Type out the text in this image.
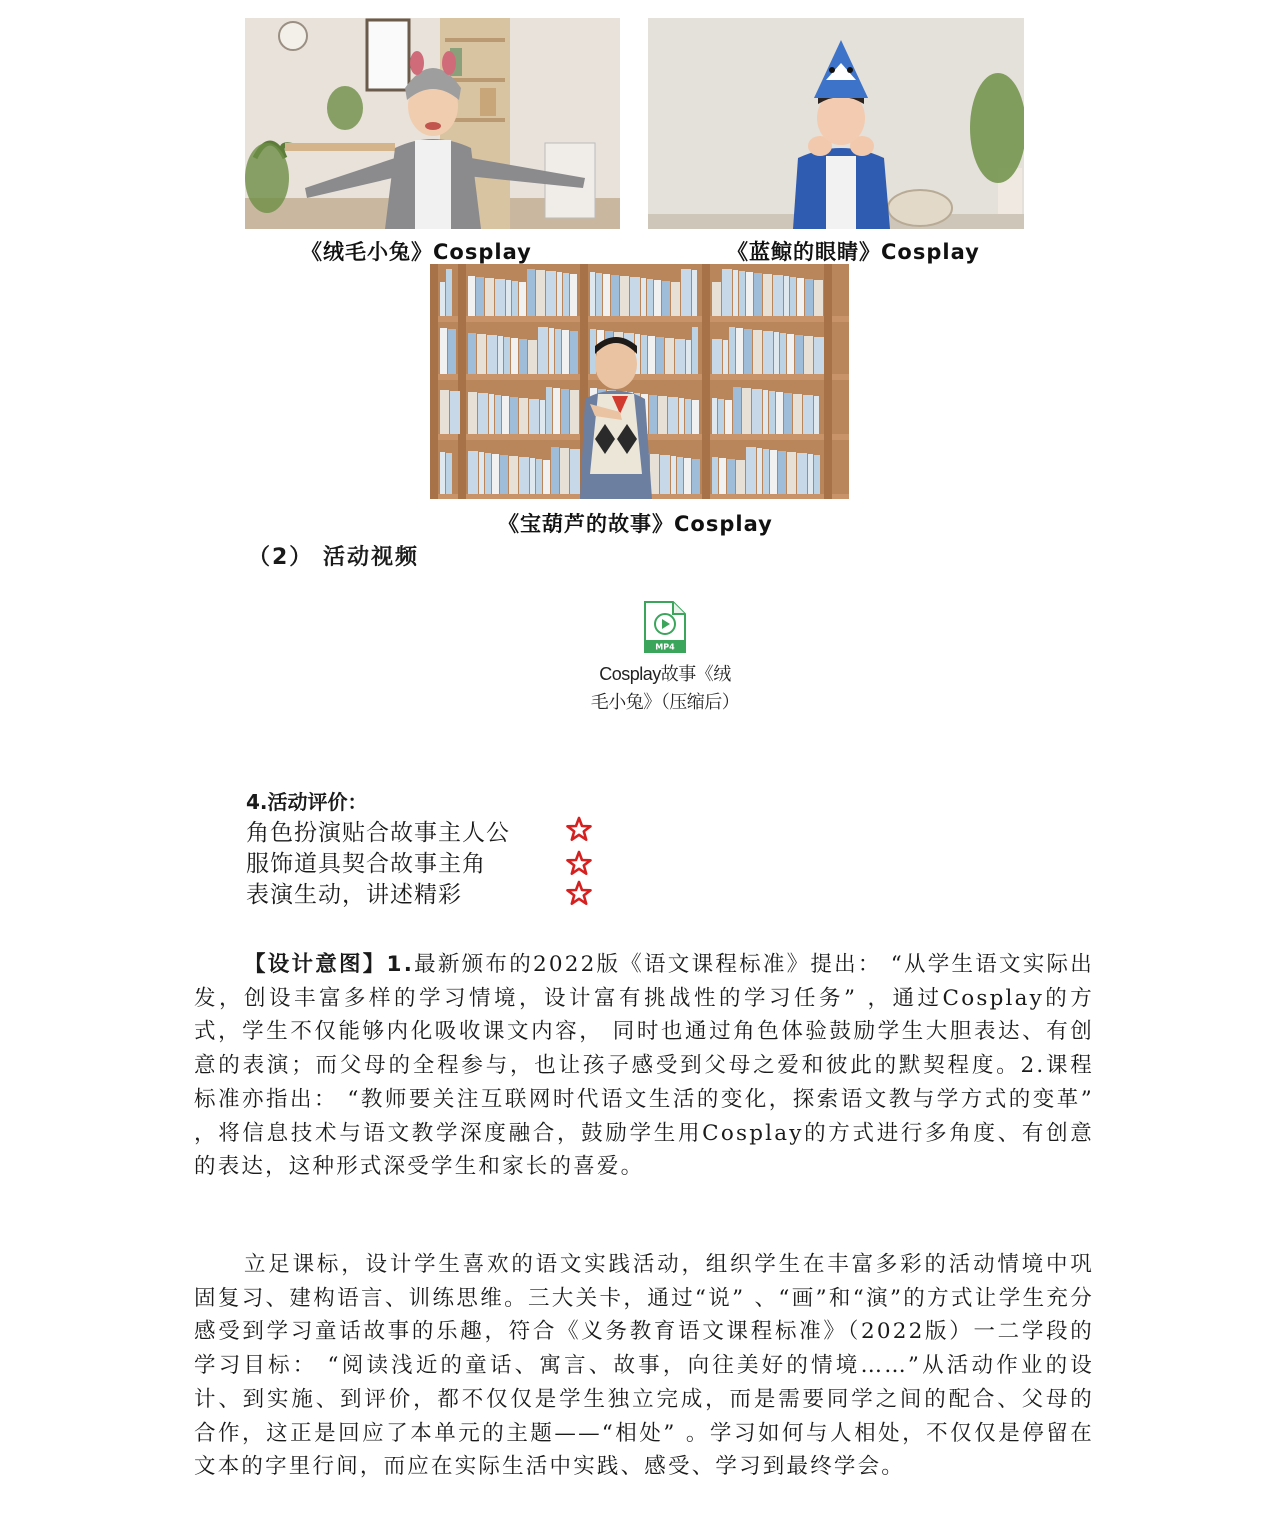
《绒毛小兔》Cosplay	《蓝鲸的眼睛》Cosplay
《宝葫芦的故事》Cosplay
（2） 活动视频
MP4
Cosplay故事《绒
毛小兔》（压缩后）
4.活动评价：
角色扮演贴合故事主人公
服饰道具契合故事主角
表演生动，讲述精彩
【设计意图】1.最新颁布的2022版《语文课程标准》提出： “从学生语文实际出发，创设丰富多样的学习情境，设计富有挑战性的学习任务” ，通过Cosplay的方式，学生不仅能够内化吸收课文内容， 同时也通过角色体验鼓励学生大胆表达、有创意的表演；而父母的全程参与，也让孩子感受到父母之爱和彼此的默契程度。2.课程标准亦指出： “教师要关注互联网时代语文生活的变化，探索语文教与学方式的变革” ，将信息技术与语文教学深度融合，鼓励学生用Cosplay的方式进行多角度、有创意的表达，这种形式深受学生和家长的喜爱。
立足课标，设计学生喜欢的语文实践活动，组织学生在丰富多彩的活动情境中巩固复习、建构语言、训练思维。三大关卡，通过“说” 、“画”和“演”的方式让学生充分感受到学习童话故事的乐趣，符合《义务教育语文课程标准》（2022版）一二学段的学习目标： “阅读浅近的童话、寓言、故事，向往美好的情境……”从活动作业的设计、到实施、到评价，都不仅仅是学生独立完成，而是需要同学之间的配合、父母的合作，这正是回应了本单元的主题——“相处” 。学习如何与人相处，不仅仅是停留在文本的字里行间，而应在实际生活中实践、感受、学习到最终学会。
